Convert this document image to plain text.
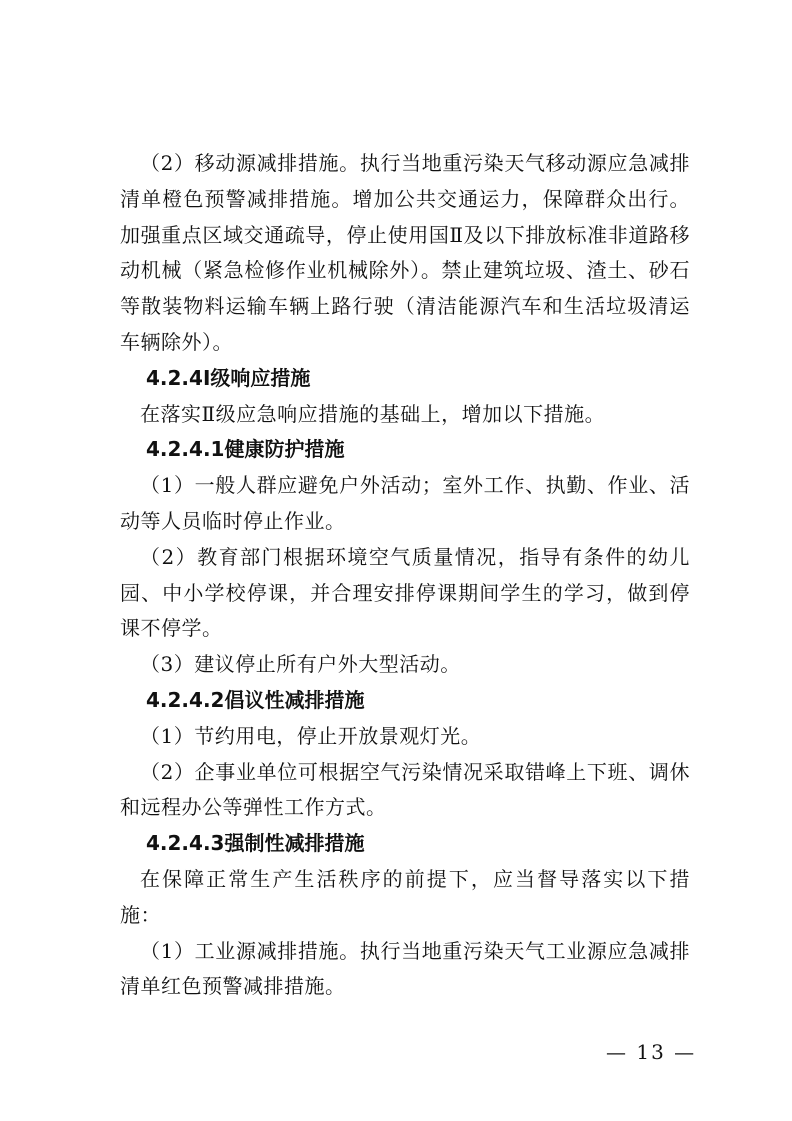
（2）移动源减排措施。执行当地重污染天气移动源应急减排清单橙色预警减排措施。增加公共交通运力，保障群众出行。加强重点区域交通疏导，停止使用国Ⅱ及以下排放标准非道路移动机械（紧急检修作业机械除外）。禁止建筑垃圾、渣土、砂石等散装物料运输车辆上路行驶（清洁能源汽车和生活垃圾清运车辆除外）。

4.2.4Ⅰ级响应措施

在落实Ⅱ级应急响应措施的基础上，增加以下措施。

4.2.4.1健康防护措施

（1）一般人群应避免户外活动；室外工作、执勤、作业、活动等人员临时停止作业。

（2）教育部门根据环境空气质量情况，指导有条件的幼儿园、中小学校停课，并合理安排停课期间学生的学习，做到停课不停学。

（3）建议停止所有户外大型活动。

4.2.4.2倡议性减排措施

（1）节约用电，停止开放景观灯光。

（2）企事业单位可根据空气污染情况采取错峰上下班、调休和远程办公等弹性工作方式。

4.2.4.3强制性减排措施

在保障正常生产生活秩序的前提下，应当督导落实以下措施：

（1）工业源减排措施。执行当地重污染天气工业源应急减排清单红色预警减排措施。

— 13 —
